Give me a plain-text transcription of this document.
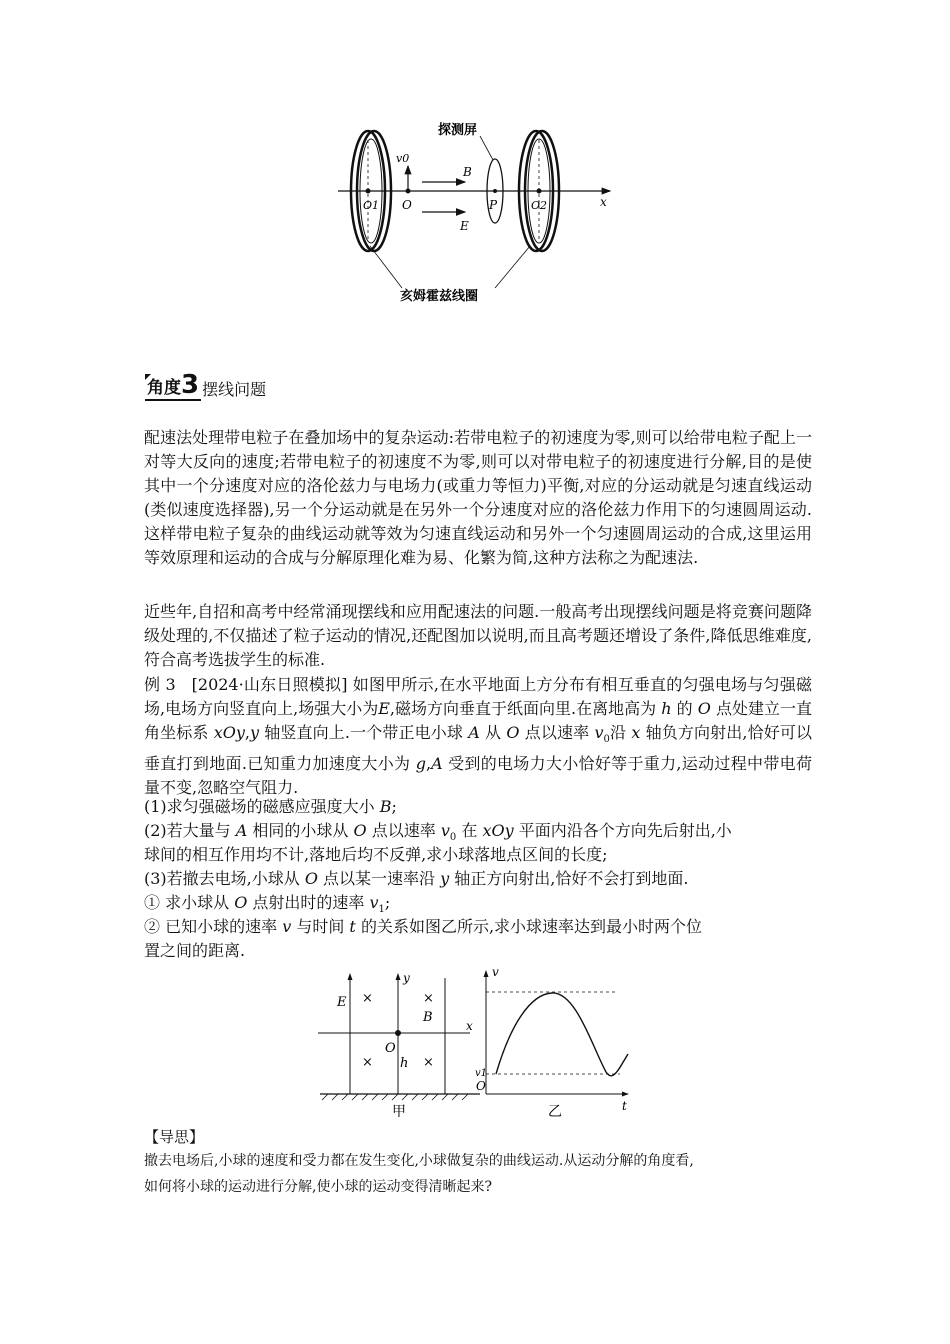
探测屏
亥姆霍兹线圈
v0
B
E
O
O1	P	O2	x
角度3 摆线问题

配速法处理带电粒子在叠加场中的复杂运动:若带电粒子的初速度为零,则可以给带电粒子配上一对等大反向的速度;若带电粒子的初速度不为零,则可以对带电粒子的初速度进行分解,目的是使其中一个分速度对应的洛伦兹力与电场力(或重力等恒力)平衡,对应的分运动就是匀速直线运动(类似速度选择器),另一个分运动就是在另外一个分速度对应的洛伦兹力作用下的匀速圆周运动.这样带电粒子复杂的曲线运动就等效为匀速直线运动和另外一个匀速圆周运动的合成,这里运用等效原理和运动的合成与分解原理化难为易、化繁为简,这种方法称之为配速法.

近些年,自招和高考中经常涌现摆线和应用配速法的问题.一般高考出现摆线问题是将竞赛问题降级处理的,不仅描述了粒子运动的情况,还配图加以说明,而且高考题还增设了条件,降低思维难度,符合高考选拔学生的标准.

例 3 [2024·山东日照模拟] 如图甲所示,在水平地面上方分布有相互垂直的匀强电场与匀强磁场,电场方向竖直向上,场强大小为E,磁场方向垂直于纸面向里.在离地高为 h 的 O 点处建立一直角坐标系 xOy,y 轴竖直向上.一个带正电小球 A 从 O 点以速率 $v_0$沿 x 轴负方向射出,恰好可以垂直打到地面.已知重力加速度大小为 g,A 受到的电场力大小恰好等于重力,运动过程中带电荷量不变,忽略空气阻力.

(1)求匀强磁场的磁感应强度大小 B;

(2)若大量与 A 相同的小球从 O 点以速率 $v_0$ 在 xOy 平面内沿各个方向先后射出,小

球间的相互作用均不计,落地后均不反弹,求小球落地点区间的长度;

(3)若撤去电场,小球从 O 点以某一速率沿 y 轴正方向射出,恰好不会打到地面.

① 求小球从 O 点射出时的速率 $v_1$;

② 已知小球的速率 v 与时间 t 的关系如图乙所示,求小球速率达到最小时两个位

置之间的距离.

×	×
×	×
E
B
y
x
O
h
甲
v
v1
O
t
乙
【导思】

撤去电场后,小球的速度和受力都在发生变化,小球做复杂的曲线运动.从运动分解的角度看,

如何将小球的运动进行分解,使小球的运动变得清晰起来?
